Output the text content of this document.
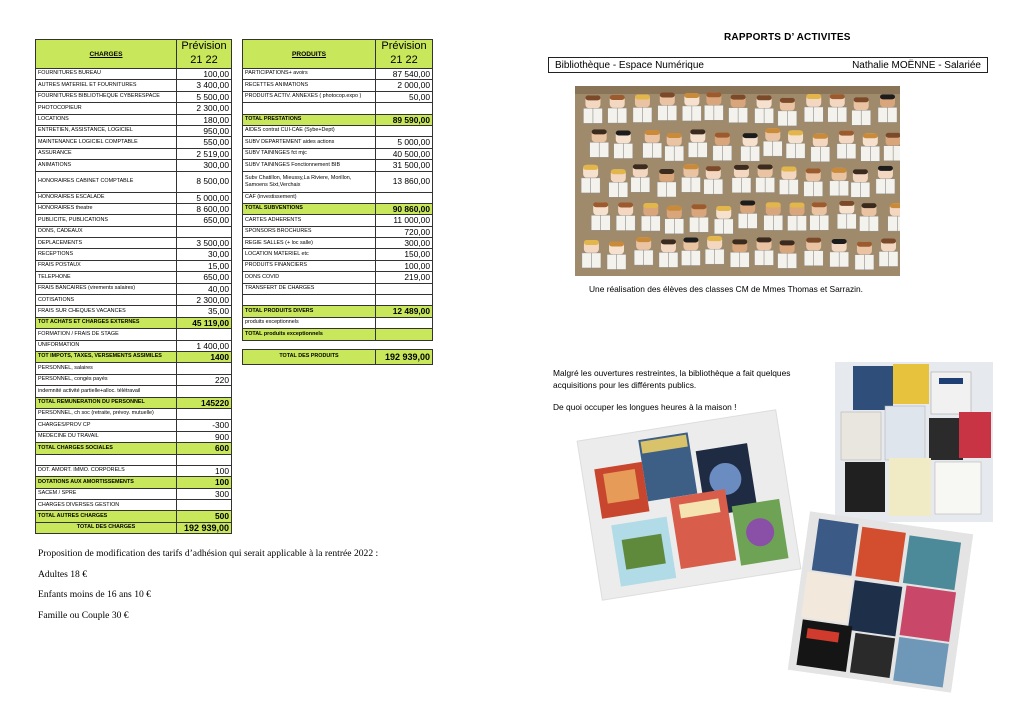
CHARGES	Prévision
21 22

FOURNITURES BUREAU	100,00
AUTRES MATERIEL ET FOURNITURES	3 400,00
FOURNITURES BIBLIOTHEQUE CYBERESPACE	5 500,00
PHOTOCOPIEUR	2 300,00
LOCATIONS	180,00
ENTRETIEN, ASSISTANCE, LOGICIEL	950,00
MAINTENANCE LOGICIEL COMPTABLE	550,00
ASSURANCE	2 519,00
ANIMATIONS	300,00
HONORAIRES CABINET COMPTABLE	8 500,00
HONORAIRES ESCALADE	5 000,00
HONORAIRES theatre	8 600,00
PUBLICITE, PUBLICATIONS	650,00
DONS, CADEAUX	
DEPLACEMENTS	3 500,00
RECEPTIONS	30,00
FRAIS POSTAUX	15,00
TELEPHONE	650,00
FRAIS BANCAIRES (virements salaires)	40,00
COTISATIONS	2 300,00
FRAIS SUR CHEQUES VACANCES	35,00
TOT ACHATS ET CHARGES EXTERNES	45 119,00
FORMATION / FRAIS DE STAGE	
UNIFORMATION	1 400,00
TOT IMPOTS, TAXES, VERSEMENTS ASSIMILES	1400
PERSONNEL, salaires	
PERSONNEL, congés payés	220
indemnité activité partielle+alloc. télétravail	
TOTAL REMUNERATION DU PERSONNEL	145220
PERSONNEL, ch soc (retraite, prévoy. mutuelle)	
CHARGES/PROV CP	-300
MEDECINE DU TRAVAIL	900
TOTAL CHARGES SOCIALES	600

DOT. AMORT. IMMO. CORPORELS	100
DOTATIONS AUX AMORTISSEMENTS	100
SACEM / SPRE	300
CHARGES DIVERSES GESTION	
TOTAL AUTRES CHARGES	500
TOTAL DES CHARGES	192 939,00
PRODUITS	Prévision
21 22

PARTICIPATIONS+ avoirs	87 540,00
RECETTES ANIMATIONS	2 000,00
PRODUITS ACTIV. ANNEXES ( photocop.expo )	50,00

TOTAL PRESTATIONS	89 590,00
AIDES contrat CUI-CAE (Sybe+Dept)	
SUBV DEPARTEMENT aides actions	5 000,00
SUBV TAININGES fct mjc	40 500,00
SUBV TAININGES Fonctionnement BIB	31 500,00
Subv Chatillon, Mieussy,La Riviere, Morillon, Samoens Sixt,Verchaix	13 860,00
CAF (investissement)	
TOTAL SUBVENTIONS	90 860,00
CARTES ADHERENTS	11 000,00
SPONSORS BROCHURES	720,00
REGIE SALLES (+ loc salle)	300,00
LOCATION MATERIEL etc	150,00
PRODUITS FINANCIERS	100,00
DONS COVID	219,00
TRANSFERT DE CHARGES	

TOTAL PRODUITS DIVERS	12 489,00
produits exceptionnels	
TOTAL produits exceptionnels	
TOTAL DES PRODUITS	192 939,00
Proposition de modification des tarifs d’adhésion qui serait applicable à la rentrée 2022 :
Adultes 18 €
Enfants moins de 16 ans 10 €
Famille ou Couple 30 €
RAPPORTS D’ ACTIVITES
Bibliothèque - Espace Numérique	Nathalie MOËNNE - Salariée
Une réalisation des élèves des classes CM de Mmes Thomas et Sarrazin.
Malgré les ouvertures restreintes, la bibliothèque a fait quelques acquisitions pour les différents publics.
De quoi occuper les longues heures à la maison !
